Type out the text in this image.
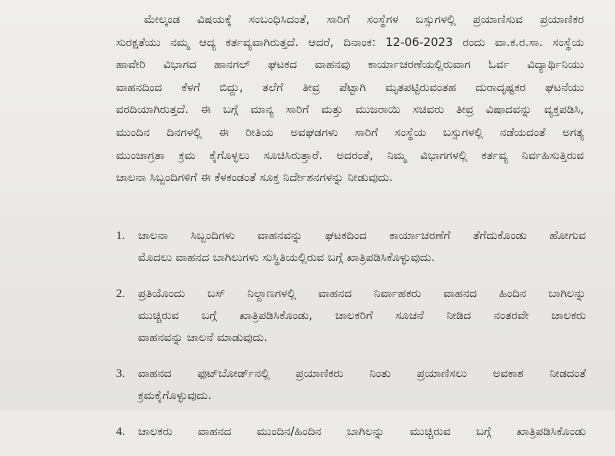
ಮೇಲ್ಕಂಡ ವಿಷಯಕ್ಕೆ ಸಂಬಂಧಿಸಿದಂತೆ, ಸಾರಿಗೆ ಸಂಸ್ಥೆಗಳ ಬಸ್ಸುಗಳಲ್ಲಿ ಪ್ರಯಾಣಿಸುವ ಪ್ರಯಾಣಿಕರ
ಸುರಕ್ಷತೆಯು ನಮ್ಮ ಆದ್ಯ ಕರ್ತವ್ಯವಾಗಿರುತ್ತದೆ. ಆದರೆ, ದಿನಾಂಕ: 12-06-2023 ರಂದು ವಾ.ಕ.ರ.ಸಾ. ಸಂಸ್ಥೆಯ
ಹಾವೇರಿ ವಿಭಾಗದ ಹಾನಗಲ್ ಘಟಕದ ವಾಹನವು ಕಾರ್ಯಾಚರಣೆಯಲ್ಲಿರುವಾಗ ಓರ್ವ ವಿದ್ಯಾರ್ಥಿನಿಯು
ವಾಹನದಿಂದ ಕೆಳಗೆ ಬಿದ್ದು, ತಲೆಗೆ ತೀವ್ರ ಪೆಟ್ಟಾಗಿ ಮೃತಪಟ್ಟಿರುವಂತಹ ದುರಾದೃಷ್ಟಕರ ಘಟನೆಯು
ವರದಿಯಾಗಿರುತ್ತದೆ. ಈ ಬಗ್ಗೆ ಮಾನ್ಯ ಸಾರಿಗೆ ಮತ್ತು ಮುಜರಾಯಿ ಸಚಿವರು ತೀವ್ರ ವಿಷಾದವನ್ನು ವ್ಯಕ್ತಪಡಿಸಿ,
ಮುಂದಿನ ದಿನಗಳಲ್ಲಿ ಈ ರೀತಿಯ ಅವಘಡಗಳು ಸಾರಿಗೆ ಸಂಸ್ಥೆಯ ಬಸ್ಸುಗಳಲ್ಲಿ ನಡೆಯದಂತೆ ಅಗತ್ಯ
ಮುಂಜಾಗ್ರತಾ ಕ್ರಮ ಕೈಗೊಳ್ಳಲು ಸೂಚಿಸಿರುತ್ತಾರೆ. ಅದರಂತೆ, ನಿಮ್ಮ ವಿಭಾಗಗಳಲ್ಲಿ ಕರ್ತವ್ಯ ನಿರ್ವಹಿಸುತ್ತಿರುವ
ಚಾಲನಾ ಸಿಬ್ಬಂದಿಗಳಿಗೆ ಈ ಕೆಳಕಂಡಂತೆ ಸೂಕ್ತ ನಿರ್ದೇಶನಗಳನ್ನು ನೀಡುವುದು.
1. ಚಾಲನಾ ಸಿಬ್ಬಂದಿಗಳು ವಾಹನವನ್ನು ಘಟಕದಿಂದ ಕಾರ್ಯಾಚರಣೆಗೆ ತೆಗೆದುಕೊಂಡು ಹೋಗುವ
ಮೊದಲು ವಾಹನದ ಬಾಗಿಲುಗಳು ಸುಸ್ಥಿತಿಯಲ್ಲಿರುವ ಬಗ್ಗೆ ಖಾತ್ರಿಪಡಿಸಿಕೊಳ್ಳುವುದು.
2. ಪ್ರತಿಯೊಂದು ಬಸ್ ನಿಲ್ದಾಣಗಳಲ್ಲಿ ವಾಹನದ ನಿರ್ವಾಹಕರು ವಾಹನದ ಹಿಂದಿನ ಬಾಗಿಲನ್ನು
ಮುಚ್ಚಿರುವ ಬಗ್ಗೆ ಖಾತ್ರಿಪಡಿಸಿಕೊಂಡು, ಚಾಲಕರಿಗೆ ಸೂಚನೆ ನೀಡಿದ ನಂತರವೇ ಚಾಲಕರು
ವಾಹನವನ್ನು ಚಾಲನೆ ಮಾಡುವುದು.
3. ವಾಹನದ ಫುಟ್‌ಬೋರ್ಡ್‌ನಲ್ಲಿ ಪ್ರಯಾಣಿಕರು ನಿಂತು ಪ್ರಯಾಣಿಸಲು ಅವಕಾಶ ನೀಡದಂತೆ
ಕ್ರಮಕೈಗೊಳ್ಳುವುದು.
4. ಚಾಲಕರು ವಾಹನದ ಮುಂದಿನ/ಹಿಂದಿನ ಬಾಗಿಲನ್ನು ಮುಚ್ಚಿರುವ ಬಗ್ಗೆ ಖಾತ್ರಿಪಡಿಸಿಕೊಂಡು
